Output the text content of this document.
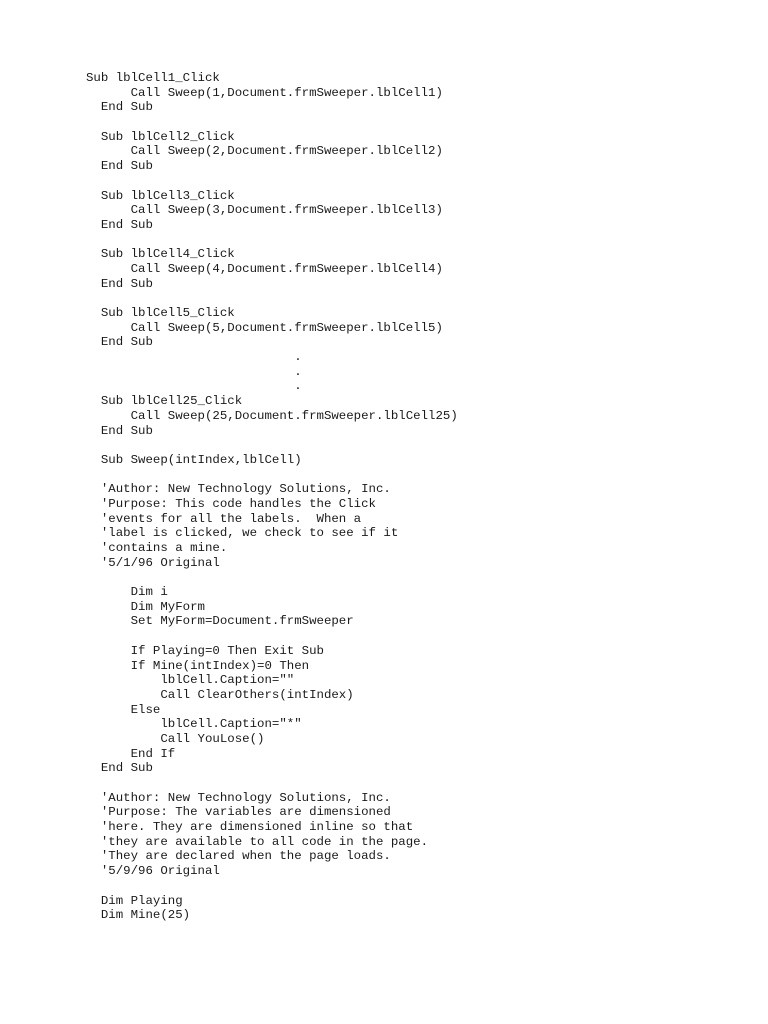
Sub lblCell1_Click
Call Sweep(1,Document.frmSweeper.lblCell1)
End Sub
Sub lblCell2_Click
Call Sweep(2,Document.frmSweeper.lblCell2)
End Sub
Sub lblCell3_Click
Call Sweep(3,Document.frmSweeper.lblCell3)
End Sub
Sub lblCell4_Click
Call Sweep(4,Document.frmSweeper.lblCell4)
End Sub
Sub lblCell5_Click
Call Sweep(5,Document.frmSweeper.lblCell5)
End Sub
.
.
.
Sub lblCell25_Click
Call Sweep(25,Document.frmSweeper.lblCell25)
End Sub
Sub Sweep(intIndex,lblCell)
'Author: New Technology Solutions, Inc.
'Purpose: This code handles the Click
'events for all the labels.  When a
'label is clicked, we check to see if it
'contains a mine.
'5/1/96 Original
Dim i
Dim MyForm
Set MyForm=Document.frmSweeper
If Playing=0 Then Exit Sub
If Mine(intIndex)=0 Then
lblCell.Caption=""
Call ClearOthers(intIndex)
Else
lblCell.Caption="*"
Call YouLose()
End If
End Sub
'Author: New Technology Solutions, Inc.
'Purpose: The variables are dimensioned
'here. They are dimensioned inline so that
'they are available to all code in the page.
'They are declared when the page loads.
'5/9/96 Original
Dim Playing
Dim Mine(25)
